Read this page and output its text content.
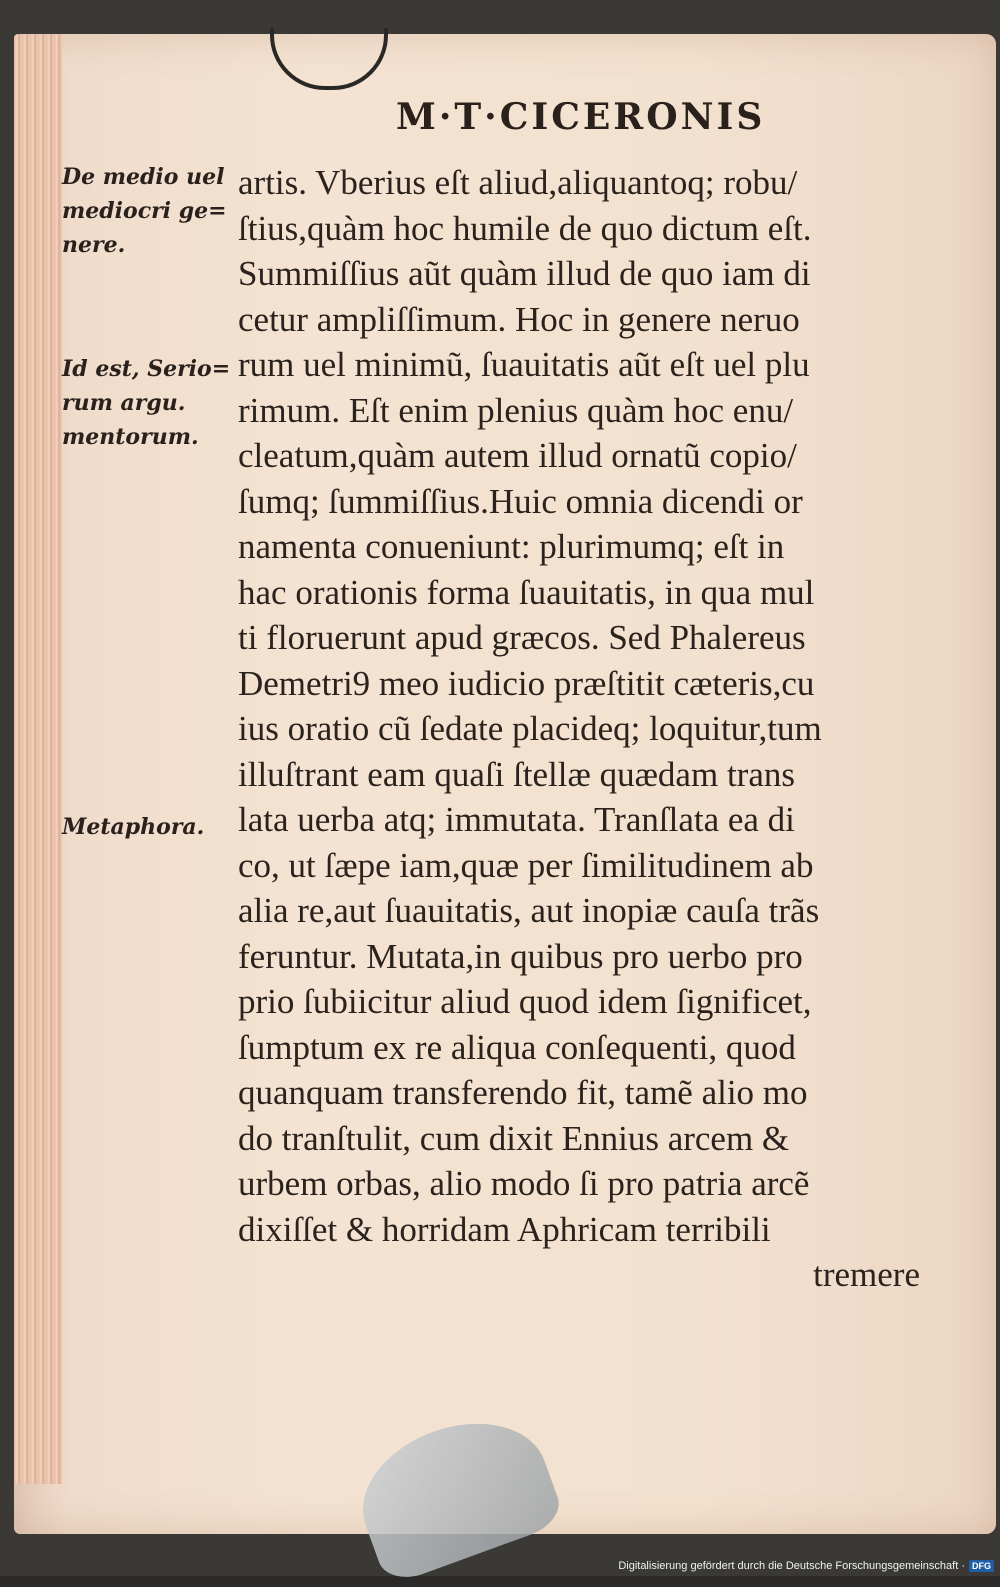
M·T·CICERONIS
De medio uel
mediocri ge=
nere.
Id est, Serio=
rum argu.
mentorum.
Metaphora.
artis. Vberius eſt aliud,aliquantoq; robu/
ſtius,quàm hoc humile de quo dictum eſt.
Summiſſius aũt quàm illud de quo iam di
cetur ampliſſimum. Hoc in genere neruo
rum uel minimũ, ſuauitatis aũt eſt uel plu
rimum. Eſt enim plenius quàm hoc enu/
cleatum,quàm autem illud ornatũ copio/
ſumq; ſummiſſius.Huic omnia dicendi or
namenta conueniunt: plurimumq; eſt in
hac orationis forma ſuauitatis, in qua mul
ti floruerunt apud græcos. Sed Phalereus
Demetri9 meo iudicio præſtitit cæteris,cu
ius oratio cũ ſedate placideq; loquitur,tum
illuſtrant eam quaſi ſtellæ quædam trans
lata uerba atq; immutata. Tranſlata ea di
co, ut ſæpe iam,quæ per ſimilitudinem ab
alia re,aut ſuauitatis, aut inopiæ cauſa trãs
feruntur. Mutata,in quibus pro uerbo pro
prio ſubiicitur aliud quod idem ſignificet,
ſumptum ex re aliqua conſequenti, quod
quanquam transferendo fit, tamẽ alio mo
do tranſtulit, cum dixit Ennius arcem &
urbem orbas, alio modo ſi pro patria arcẽ
dixiſſet & horridam Aphricam terribili
tremere
Digitalisierung gefördert durch die Deutsche Forschungsgemeinschaft · DFG
